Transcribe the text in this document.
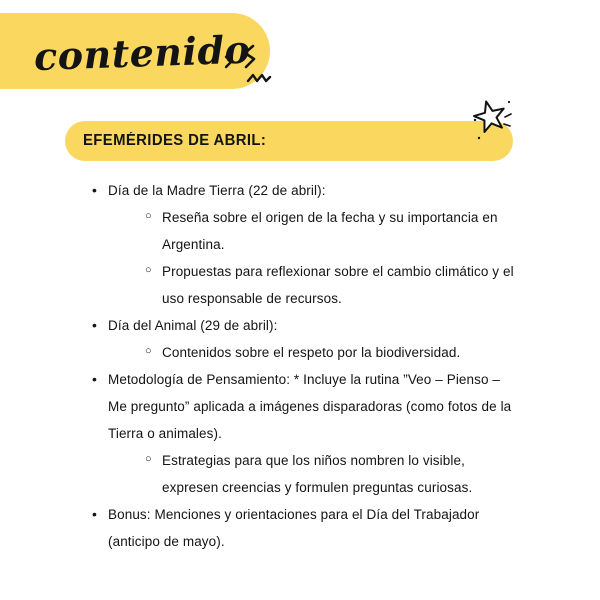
contenido
EFEMÉRIDES DE ABRIL:
• Día de la Madre Tierra (22 de abril):
○ Reseña sobre el origen de la fecha y su importancia en Argentina.
○ Propuestas para reflexionar sobre el cambio climático y el uso responsable de recursos.
• Día del Animal (29 de abril):
○ Contenidos sobre el respeto por la biodiversidad.
• Metodología de Pensamiento: * Incluye la rutina ”Veo – Pienso – Me pregunto” aplicada a imágenes disparadoras (como fotos de la Tierra o animales).
○ Estrategias para que los niños nombren lo visible, expresen creencias y formulen preguntas curiosas.
• Bonus: Menciones y orientaciones para el Día del Trabajador (anticipo de mayo).
